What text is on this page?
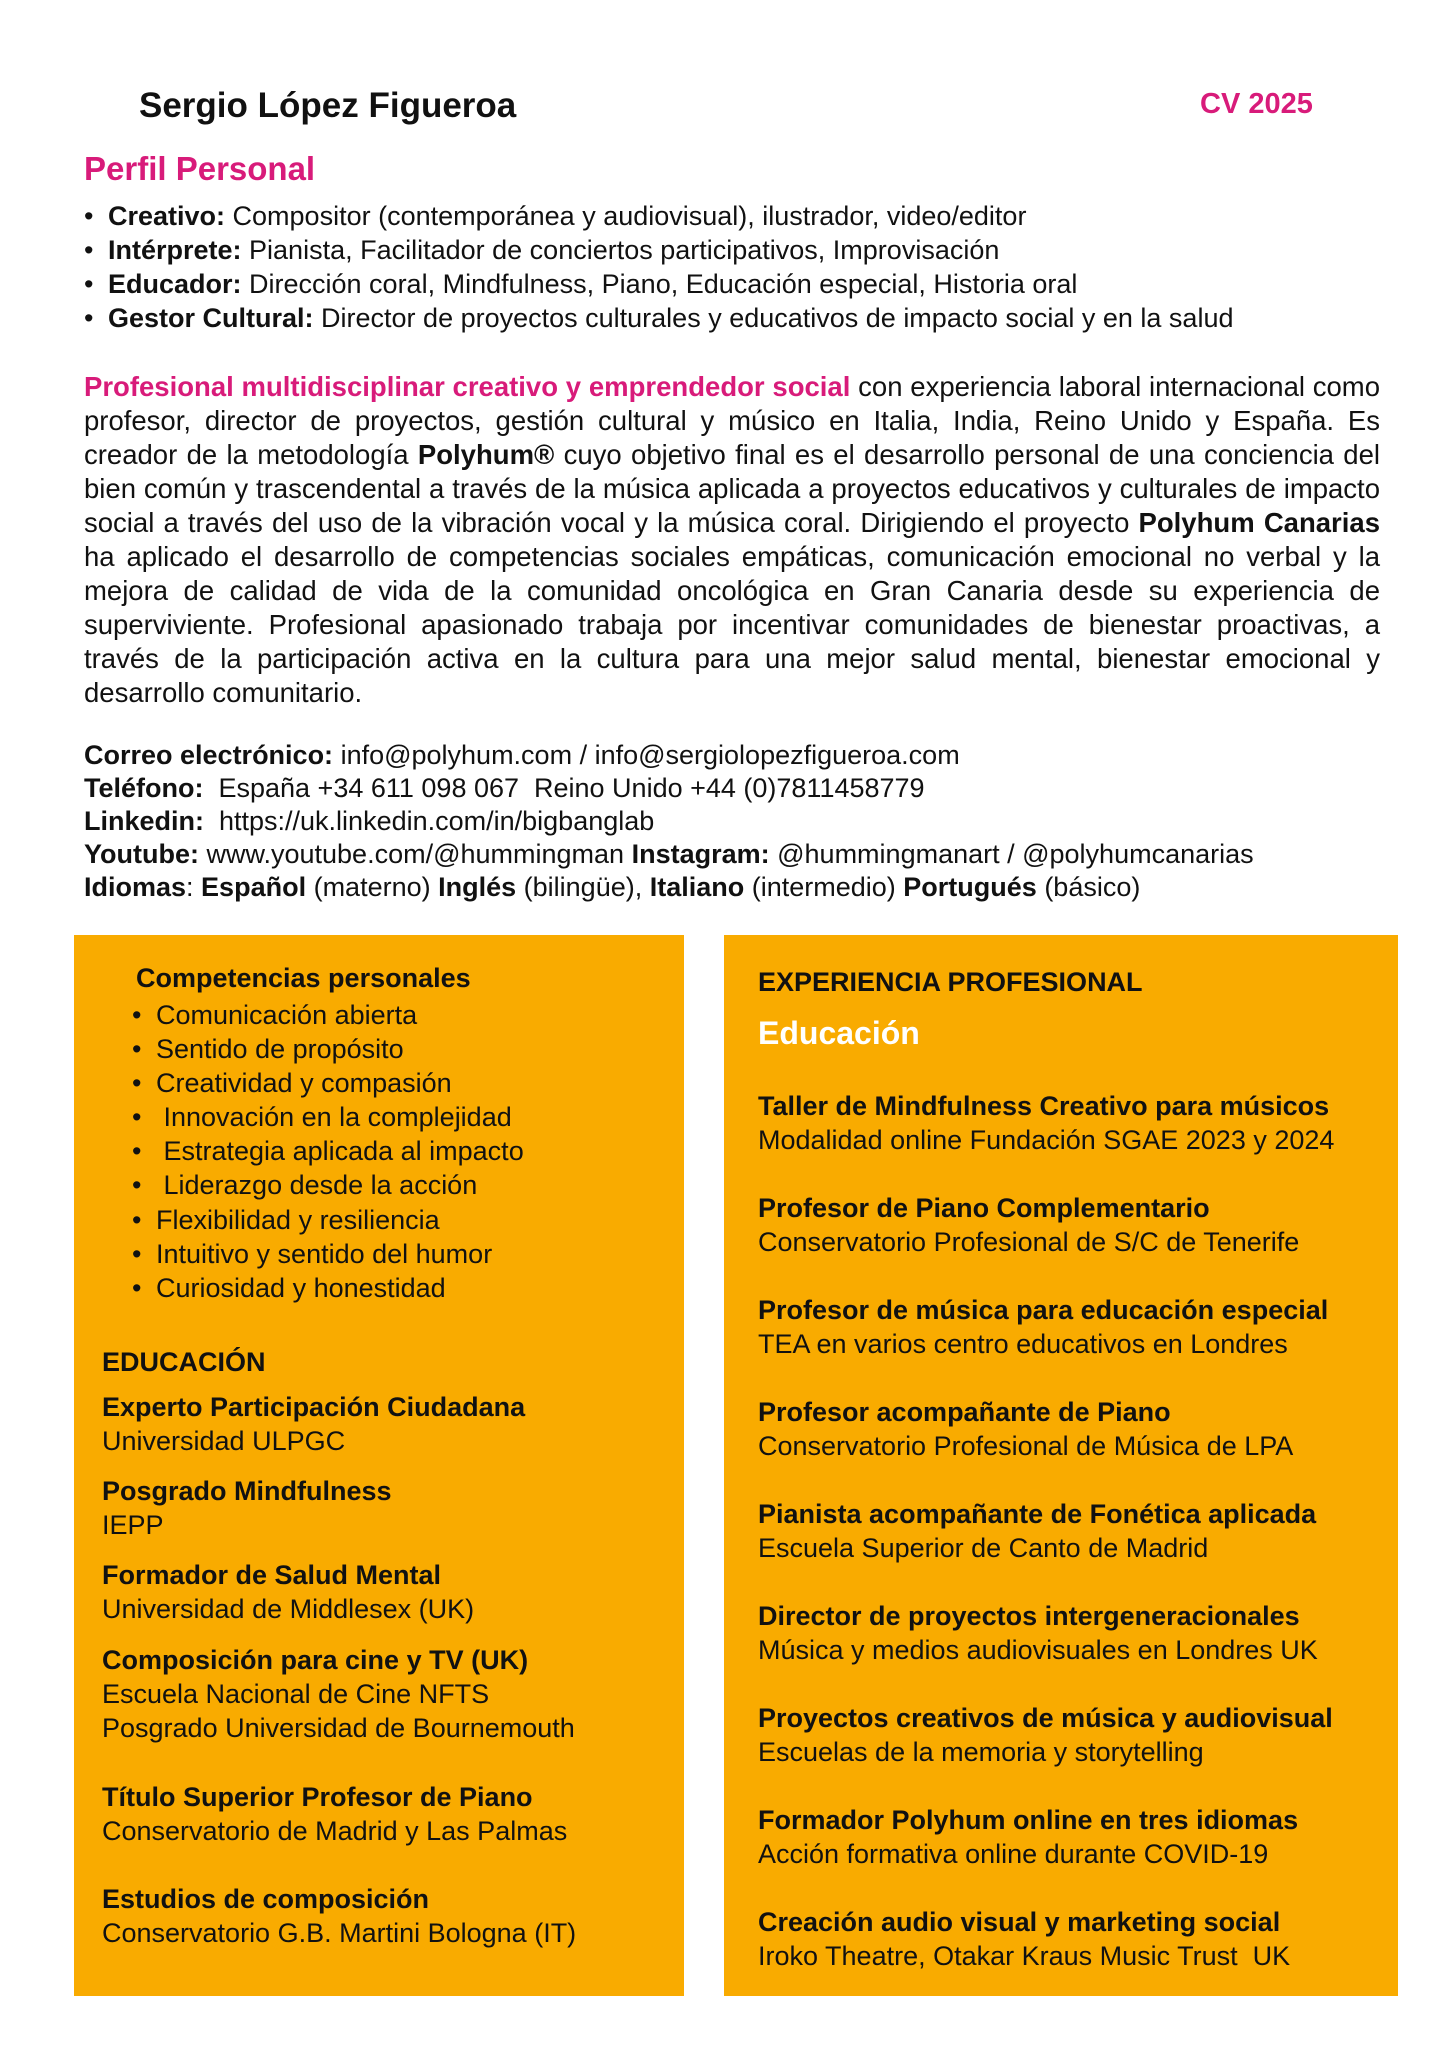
Sergio López Figueroa	CV 2025
Perfil Personal
• Creativo: Compositor (contemporánea y audiovisual), ilustrador, video/editor
• Intérprete: Pianista, Facilitador de conciertos participativos, Improvisación
• Educador: Dirección coral, Mindfulness, Piano, Educación especial, Historia oral
• Gestor Cultural: Director de proyectos culturales y educativos de impacto social y en la salud

Profesional multidisciplinar creativo y emprendedor social con experiencia laboral internacional como profesor, director de proyectos, gestión cultural y músico en Italia, India, Reino Unido y España. Es creador de la metodología Polyhum® cuyo objetivo final es el desarrollo personal de una conciencia del bien común y trascendental a través de la música aplicada a proyectos educativos y culturales de impacto social a través del uso de la vibración vocal y la música coral. Dirigiendo el proyecto Polyhum Canarias ha aplicado el desarrollo de competencias sociales empáticas, comunicación emocional no verbal y la mejora de calidad de vida de la comunidad oncológica en Gran Canaria desde su experiencia de superviviente. Profesional apasionado trabaja por incentivar comunidades de bienestar proactivas, a través de la participación activa en la cultura para una mejor salud mental, bienestar emocional y desarrollo comunitario.

Correo electrónico: info@polyhum.com / info@sergiolopezfigueroa.com
Teléfono:  España +34 611 098 067  Reino Unido +44 (0)7811458779
Linkedin:  https://uk.linkedin.com/in/bigbanglab
Youtube: www.youtube.com/@hummingman Instagram: @hummingmanart / @polyhumcanarias
Idiomas: Español (materno) Inglés (bilingüe), Italiano (intermedio) Portugués (básico)
Competencias personales
• Comunicación abierta
• Sentido de propósito
• Creatividad y compasión
• Innovación en la complejidad
• Estrategia aplicada al impacto
• Liderazgo desde la acción
• Flexibilidad y resiliencia
• Intuitivo y sentido del humor
• Curiosidad y honestidad
EDUCACIÓN
Experto Participación Ciudadana
Universidad ULPGC
Posgrado Mindfulness
IEPP
Formador de Salud Mental
Universidad de Middlesex (UK)
Composición para cine y TV (UK)
Escuela Nacional de Cine NFTS
Posgrado Universidad de Bournemouth
Título Superior Profesor de Piano
Conservatorio de Madrid y Las Palmas
Estudios de composición
Conservatorio G.B. Martini Bologna (IT)
EXPERIENCIA PROFESIONAL
Educación
Taller de Mindfulness Creativo para músicos
Modalidad online Fundación SGAE 2023 y 2024
Profesor de Piano Complementario
Conservatorio Profesional de S/C de Tenerife
Profesor de música para educación especial
TEA en varios centro educativos en Londres
Profesor acompañante de Piano
Conservatorio Profesional de Música de LPA
Pianista acompañante de Fonética aplicada
Escuela Superior de Canto de Madrid
Director de proyectos intergeneracionales
Música y medios audiovisuales en Londres UK
Proyectos creativos de música y audiovisual
Escuelas de la memoria y storytelling
Formador Polyhum online en tres idiomas
Acción formativa online durante COVID-19
Creación audio visual y marketing social
Iroko Theatre, Otakar Kraus Music Trust  UK
